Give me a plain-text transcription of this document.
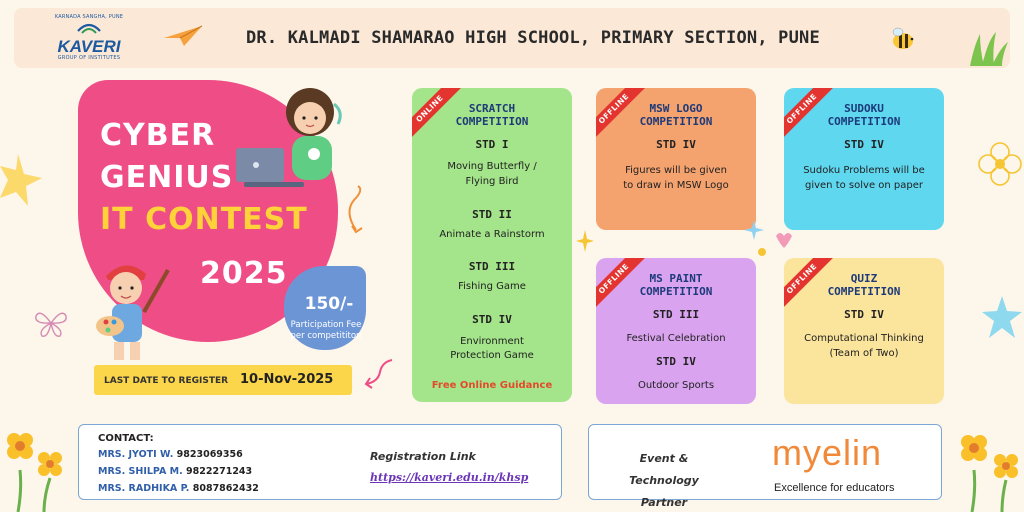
KARNADA SANGHA, PUNE
KAVERI
GROUP OF INSTITUTES
DR. KALMADI SHAMARAO HIGH SCHOOL, PRIMARY SECTION, PUNE
CYBER
GENIUS
IT CONTEST
2025
150/-
Participation Fee per competititon
LAST DATE TO REGISTER 10-Nov-2025
ONLINE	SCRATCH
COMPETITION
STD I
Moving Butterfly /
Flying Bird
STD II
Animate a Rainstorm
STD III
Fishing Game
STD IV
Environment
Protection Game
Free Online Guidance
OFFLINE	MSW LOGO
COMPETITION
STD IV
Figures will be given
to draw in MSW Logo
OFFLINE	SUDOKU
COMPETITION
STD IV
Sudoku Problems will be
given to solve on paper
OFFLINE	MS PAINT
COMPETITION
STD III
Festival Celebration
STD IV
Outdoor Sports
OFFLINE	QUIZ
COMPETITION
STD IV
Computational Thinking
(Team of Two)
CONTACT:
MRS. JYOTI W. 9823069356
MRS. SHILPA M. 9822271243
MRS. RADHIKA P. 8087862432
Registration Link
https://kaveri.edu.in/khsp
Event & Technology
Partner
myelin
Excellence for educators
